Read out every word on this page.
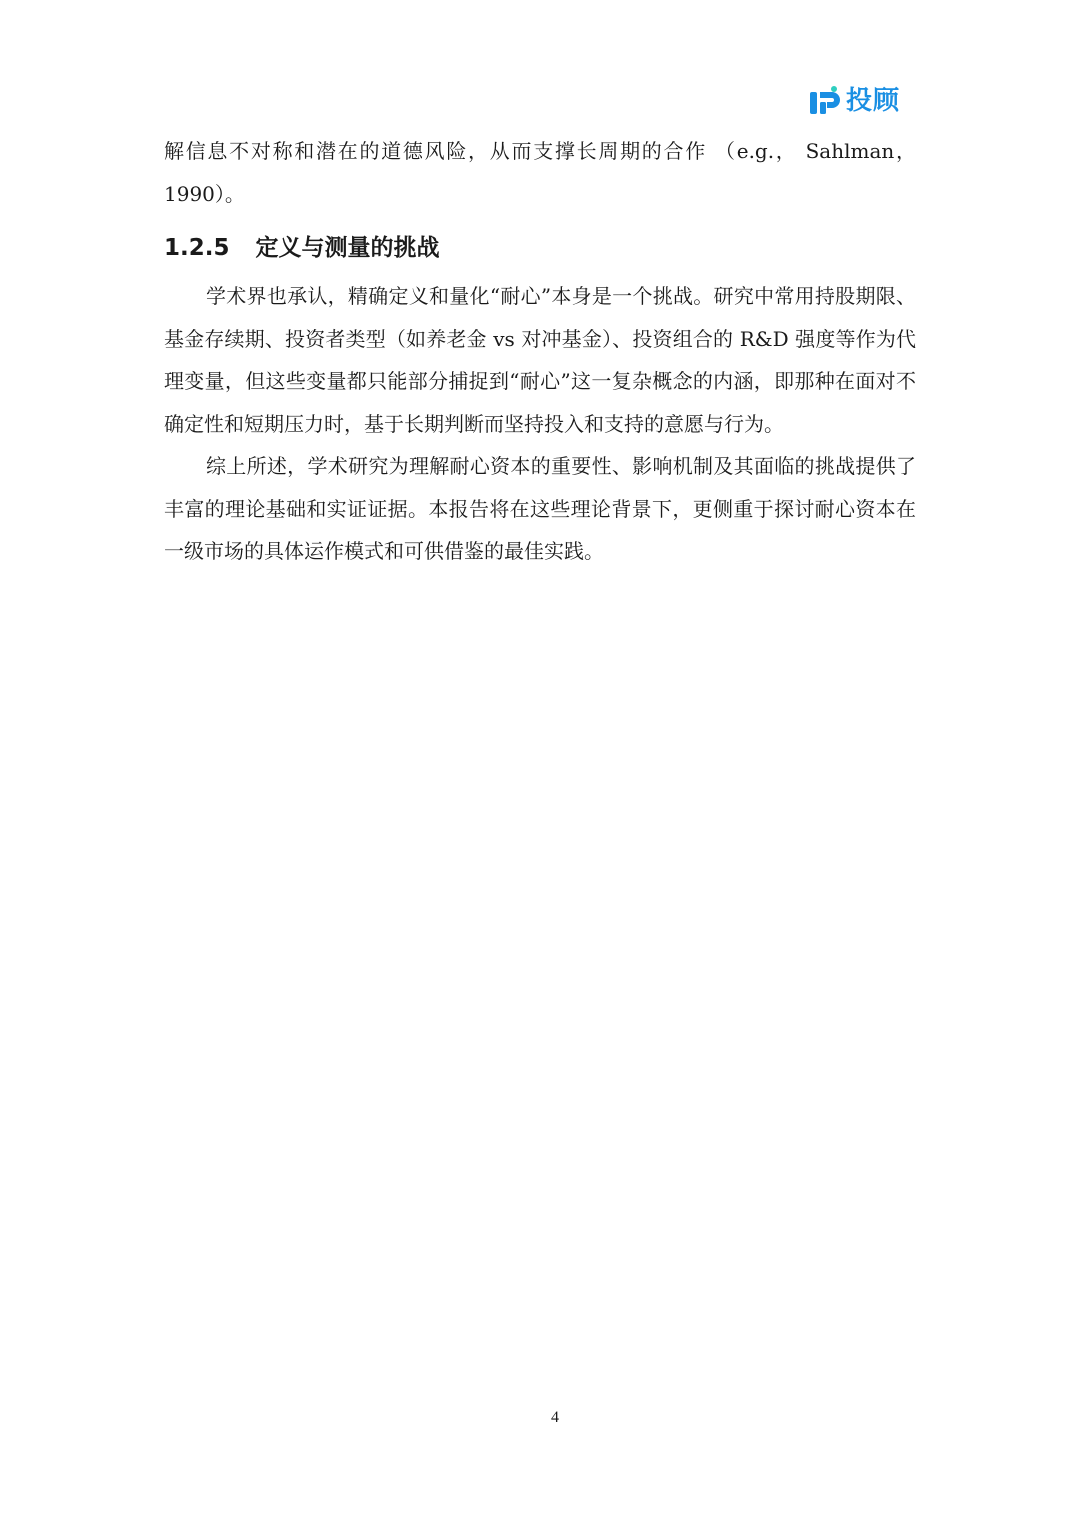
投顾

解信息不对称和潜在的道德风险，从而支撑长周期的合作 （e.g.， Sahlman，1990）。

1.2.5 定义与测量的挑战

学术界也承认，精确定义和量化“耐心”本身是一个挑战。研究中常用持股期限、基金存续期、投资者类型（如养老金 vs 对冲基金）、投资组合的 R&D 强度等作为代理变量，但这些变量都只能部分捕捉到“耐心”这一复杂概念的内涵，即那种在面对不确定性和短期压力时，基于长期判断而坚持投入和支持的意愿与行为。

综上所述，学术研究为理解耐心资本的重要性、影响机制及其面临的挑战提供了丰富的理论基础和实证证据。本报告将在这些理论背景下，更侧重于探讨耐心资本在一级市场的具体运作模式和可供借鉴的最佳实践。

4
